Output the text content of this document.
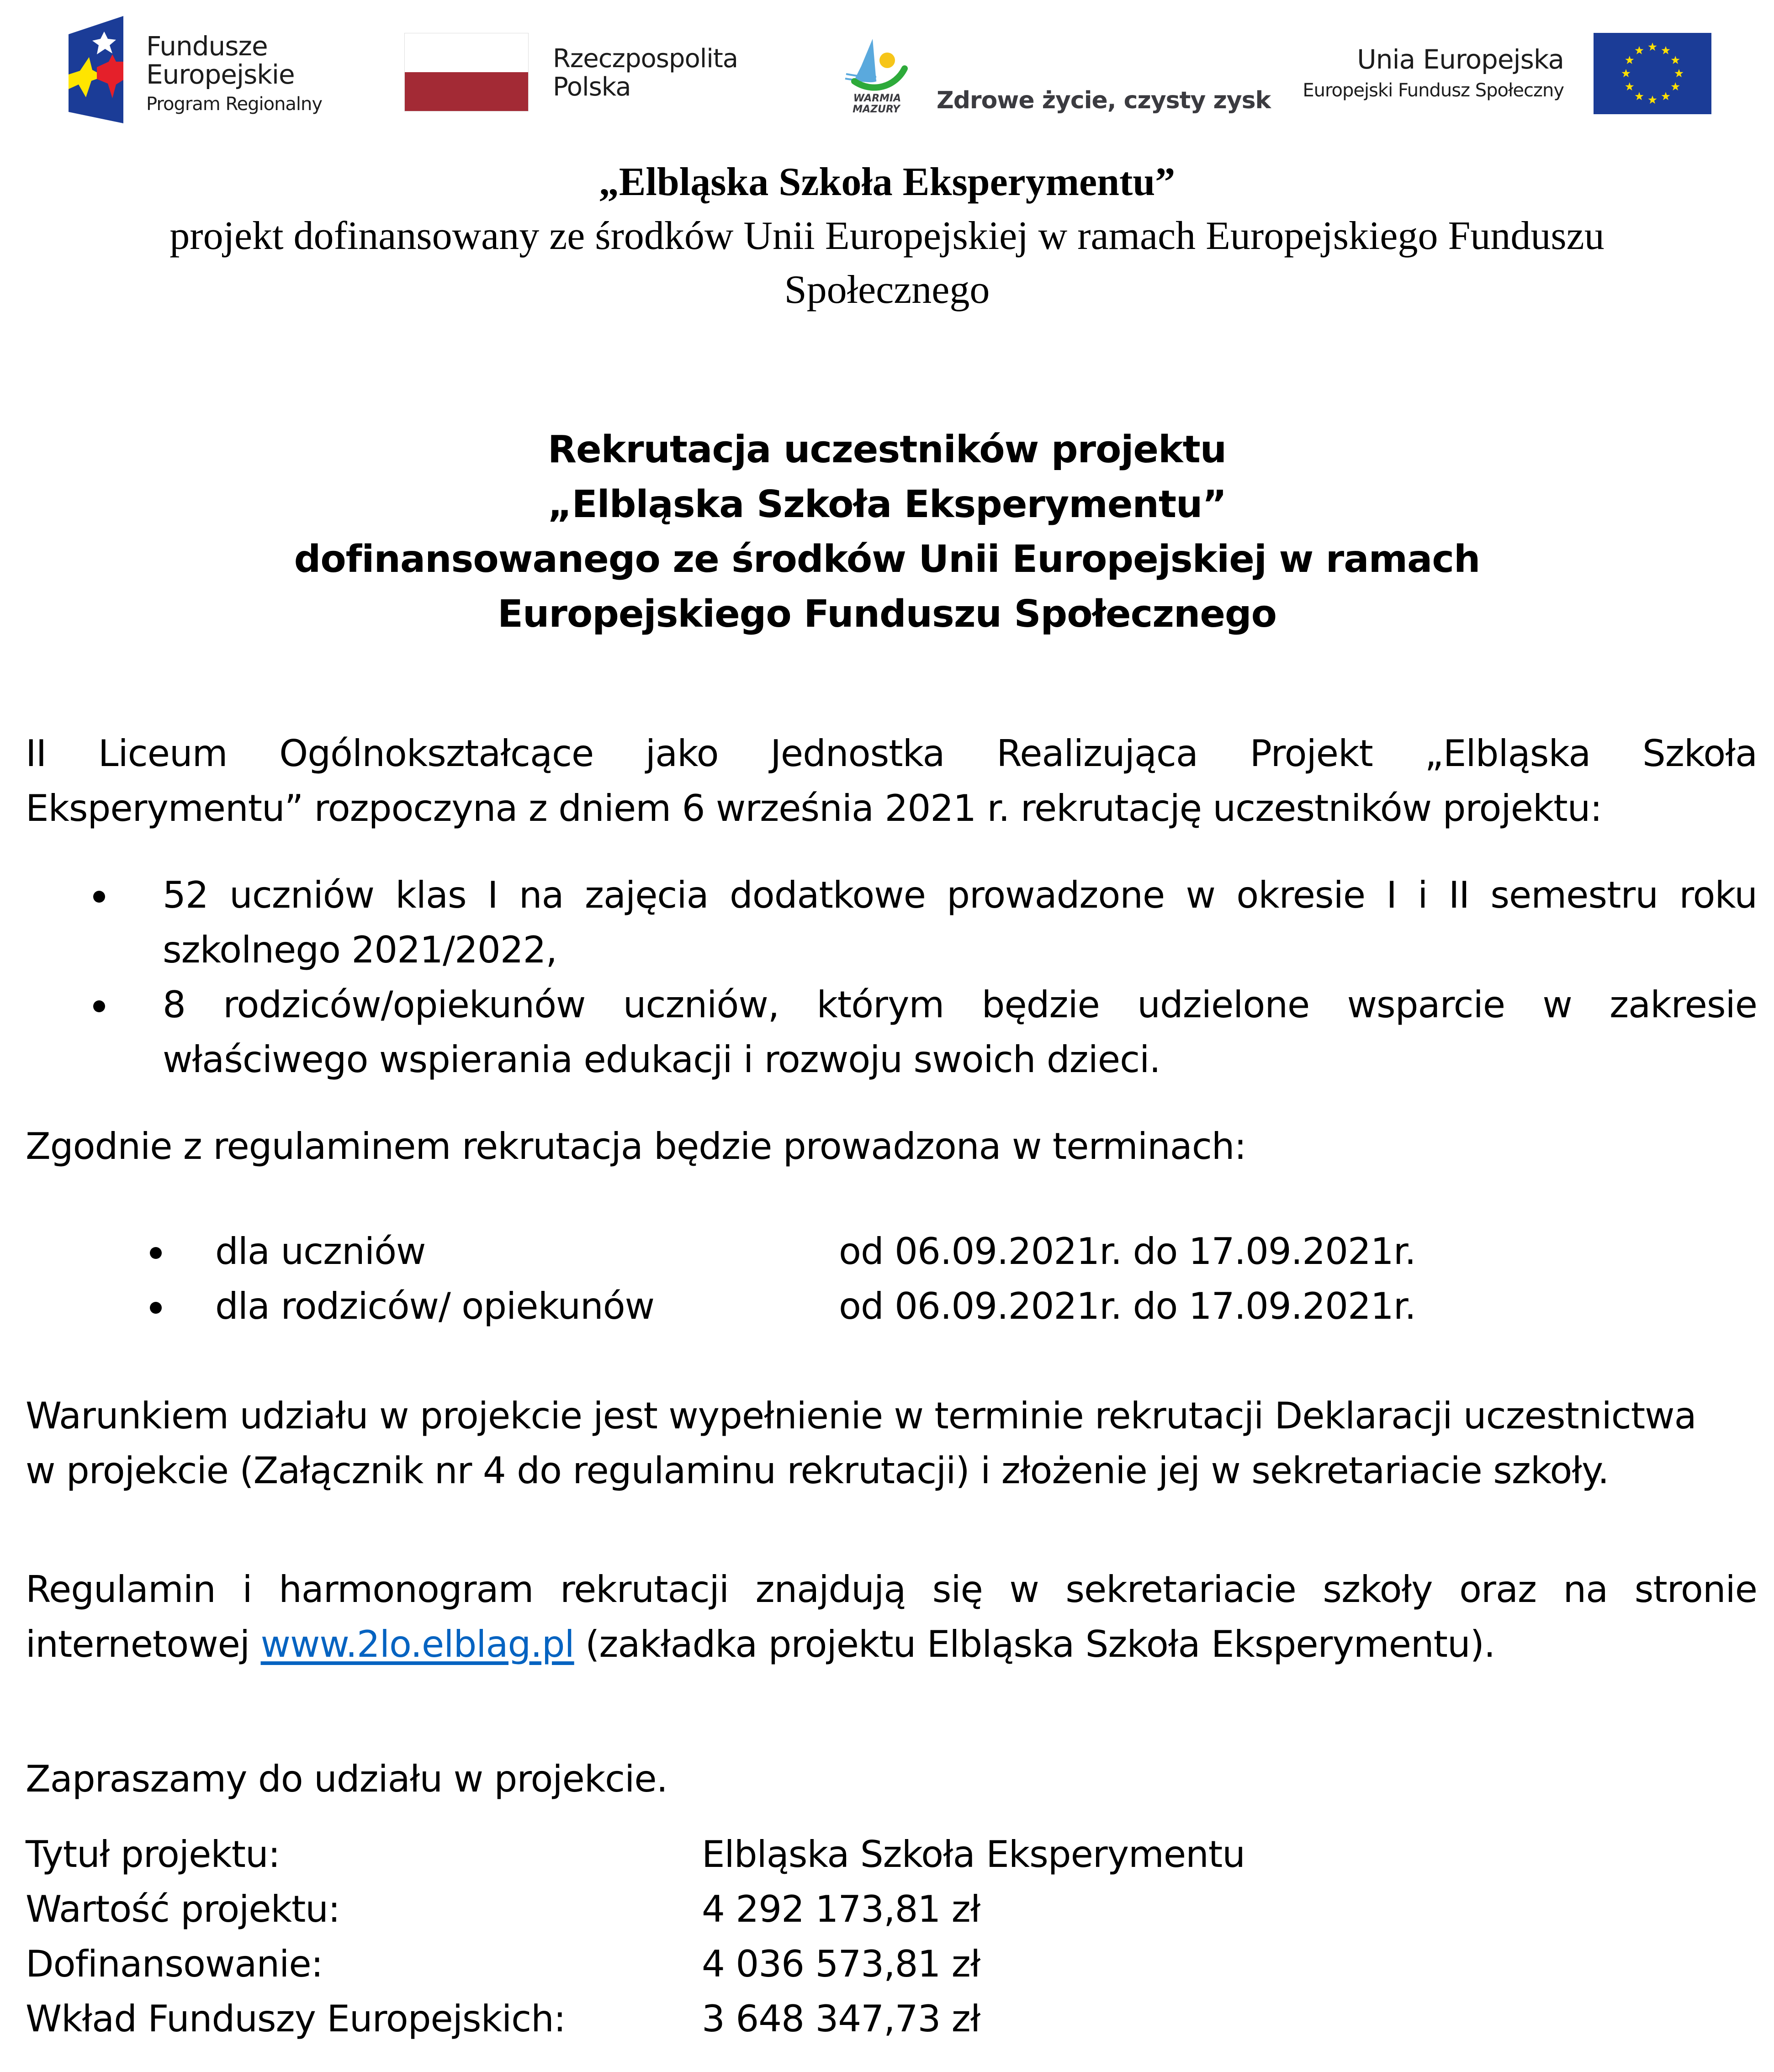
Fundusze
Europejskie
Program Regionalny
Rzeczpospolita
Polska	WARMIA
MAZURY Zdrowe życie, czysty zysk
Unia Europejska
Europejski Fundusz Społeczny
„Elbląska Szkoła Eksperymentu”
projekt dofinansowany ze środków Unii Europejskiej w ramach Europejskiego Funduszu
Społecznego
Rekrutacja uczestników projektu
„Elbląska Szkoła Eksperymentu”
dofinansowanego ze środków Unii Europejskiej w ramach
Europejskiego Funduszu Społecznego
II Liceum Ogólnokształcące jako Jednostka Realizująca Projekt „Elbląska Szkoła
Eksperymentu” rozpoczyna z dniem 6 września 2021 r. rekrutację uczestników projektu:
52 uczniów klas I na zajęcia dodatkowe prowadzone w okresie I i II semestru roku
szkolnego 2021/2022,
8 rodziców/opiekunów uczniów, którym będzie udzielone wsparcie w zakresie
właściwego wspierania edukacji i rozwoju swoich dzieci.
Zgodnie z regulaminem rekrutacja będzie prowadzona w terminach:
dla uczniów	od 06.09.2021r. do 17.09.2021r.
dla rodziców/ opiekunów	od 06.09.2021r. do 17.09.2021r.
Warunkiem udziału w projekcie jest wypełnienie w terminie rekrutacji Deklaracji uczestnictwa
w projekcie (Załącznik nr 4 do regulaminu rekrutacji) i złożenie jej w sekretariacie szkoły.
Regulamin i harmonogram rekrutacji znajdują się w sekretariacie szkoły oraz na stronie
internetowej www.2lo.elblag.pl (zakładka projektu Elbląska Szkoła Eksperymentu).
Zapraszamy do udziału w projekcie.
Tytuł projektu:	Elbląska Szkoła Eksperymentu
Wartość projektu:	4 292 173,81 zł
Dofinansowanie:	4 036 573,81 zł
Wkład Funduszy Europejskich:	3 648 347,73 zł
